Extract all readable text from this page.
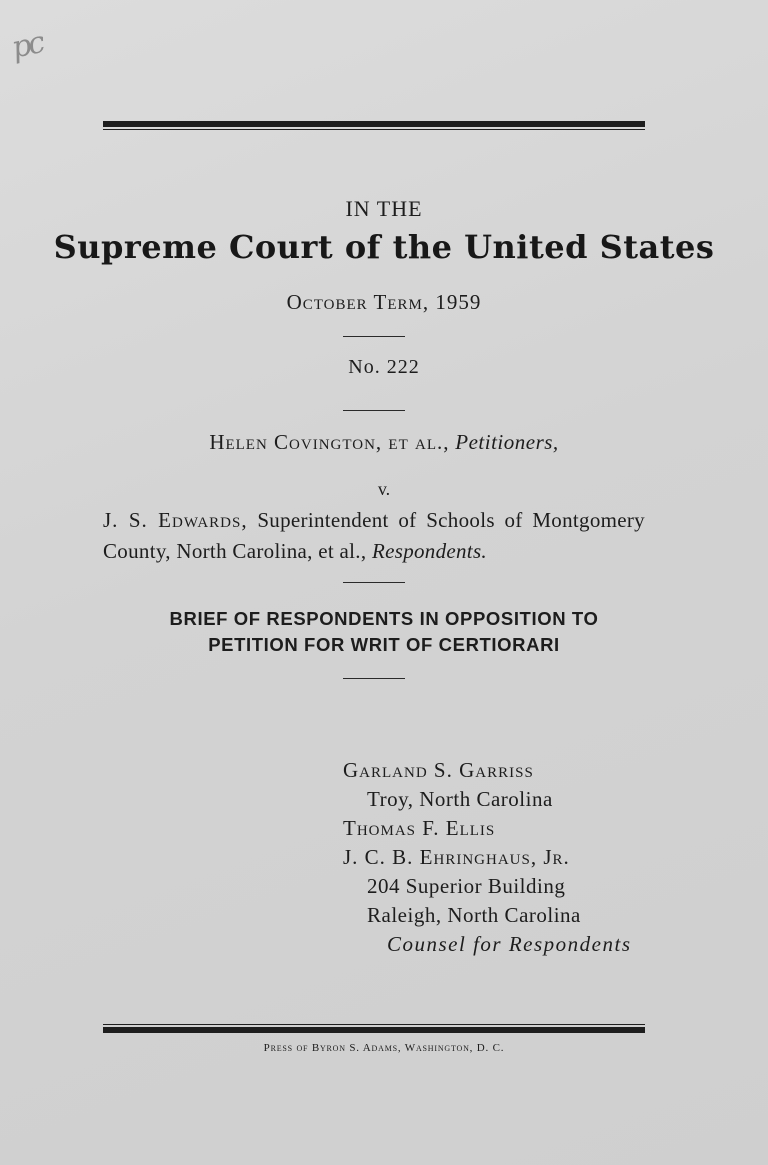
pc
IN THE
Supreme Court of the United States
October Term, 1959
No. 222
Helen Covington, et al., Petitioners,
v.
J. S. Edwards, Superintendent of Schools of Montgomery County, North Carolina, et al., Respondents.
BRIEF OF RESPONDENTS IN OPPOSITION TO
PETITION FOR WRIT OF CERTIORARI
Garland S. Garriss
Troy, North Carolina
Thomas F. Ellis
J. C. B. Ehringhaus, Jr.
204 Superior Building
Raleigh, North Carolina
Counsel for Respondents
Press of Byron S. Adams, Washington, D. C.
